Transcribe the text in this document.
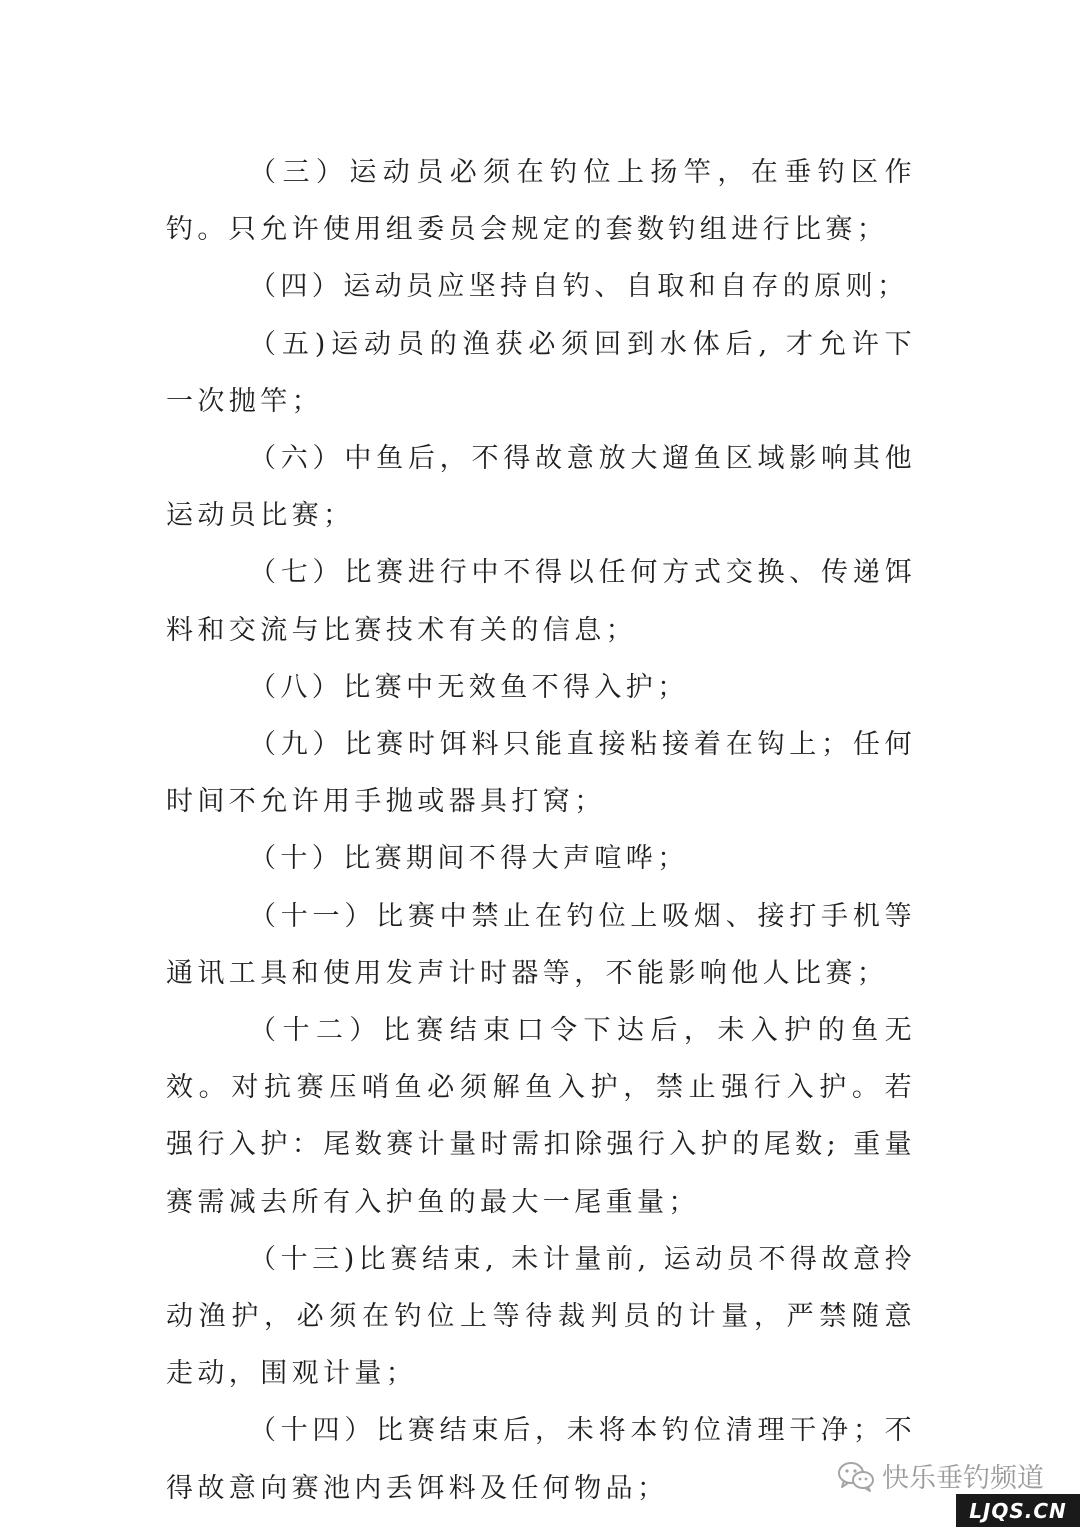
（三）运动员必须在钓位上扬竿，在垂钓区作钓。只允许使用组委员会规定的套数钓组进行比赛；

（四）运动员应坚持自钓、自取和自存的原则；

（五)运动员的渔获必须回到水体后, 才允许下一次抛竿；

（六）中鱼后，不得故意放大遛鱼区域影响其他运动员比赛；

（七）比赛进行中不得以任何方式交换、传递饵料和交流与比赛技术有关的信息；

（八）比赛中无效鱼不得入护；

（九）比赛时饵料只能直接粘接着在钩上；任何时间不允许用手抛或器具打窝；

（十）比赛期间不得大声喧哗；

（十一）比赛中禁止在钓位上吸烟、接打手机等通讯工具和使用发声计时器等，不能影响他人比赛；

（十二）比赛结束口令下达后，未入护的鱼无效。对抗赛压哨鱼必须解鱼入护，禁止强行入护。若强行入护：尾数赛计量时需扣除强行入护的尾数; 重量赛需减去所有入护鱼的最大一尾重量；

（十三)比赛结束, 未计量前, 运动员不得故意拎动渔护，必须在钓位上等待裁判员的计量，严禁随意走动，围观计量；

（十四）比赛结束后，未将本钓位清理干净；不得故意向赛池内丢饵料及任何物品；	快乐垂钓频道
LJQS.CN
